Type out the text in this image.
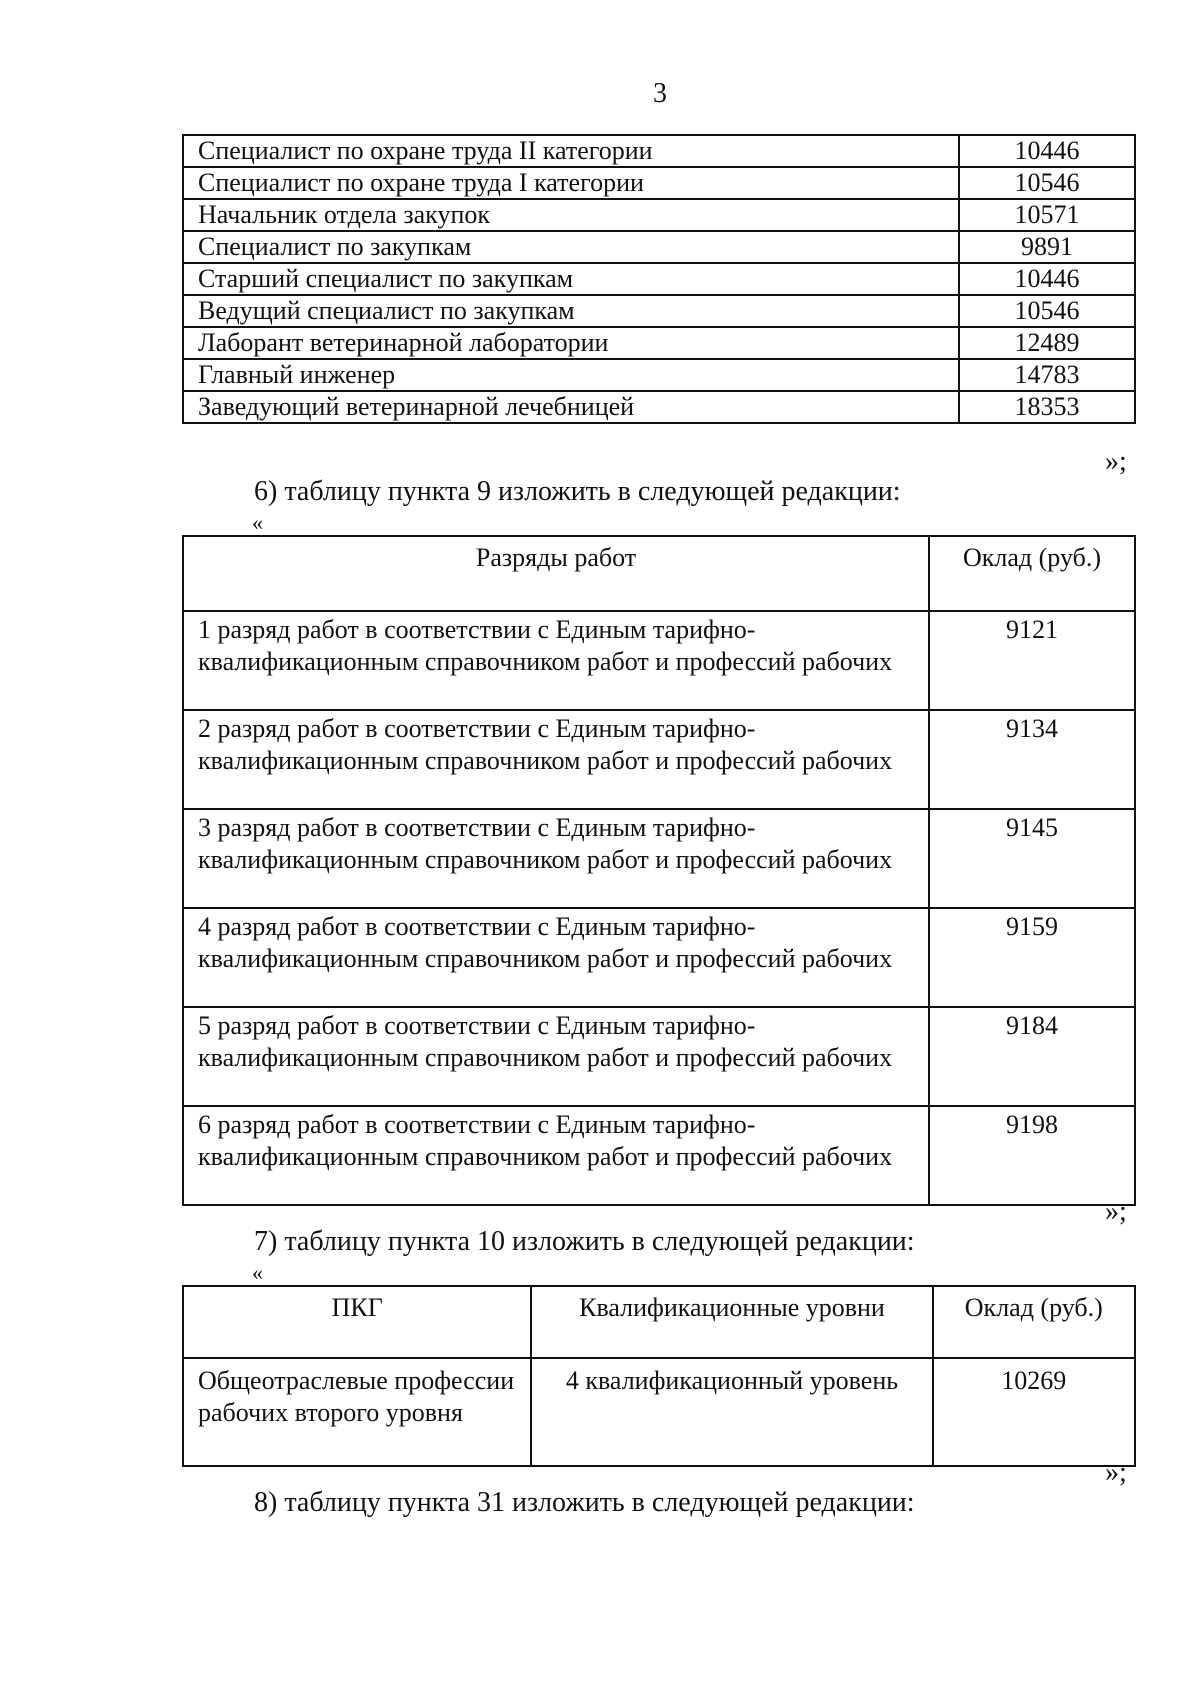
3
Специалист по охране труда II категории	10446
Специалист по охране труда I категории	10546
Начальник отдела закупок	10571
Специалист по закупкам	9891
Старший специалист по закупкам	10446
Ведущий специалист по закупкам	10546
Лаборант ветеринарной лаборатории	12489
Главный инженер	14783
Заведующий ветеринарной лечебницей	18353
»;
6) таблицу пункта 9 изложить в следующей редакции:
«
Разряды работ	Оклад (руб.)
1 разряд работ в соответствии с Единым тарифно-квалификационным справочником работ и профессий рабочих	9121
2 разряд работ в соответствии с Единым тарифно-квалификационным справочником работ и профессий рабочих	9134
3 разряд работ в соответствии с Единым тарифно-квалификационным справочником работ и профессий рабочих	9145
4 разряд работ в соответствии с Единым тарифно-квалификационным справочником работ и профессий рабочих	9159
5 разряд работ в соответствии с Единым тарифно-квалификационным справочником работ и профессий рабочих	9184
6 разряд работ в соответствии с Единым тарифно-квалификационным справочником работ и профессий рабочих	9198
»;
7) таблицу пункта 10 изложить в следующей редакции:
«
ПКГ	Квалификационные уровни	Оклад (руб.)
Общеотраслевые профессии рабочих второго уровня	4 квалификационный уровень	10269
»;
8) таблицу пункта 31 изложить в следующей редакции:
